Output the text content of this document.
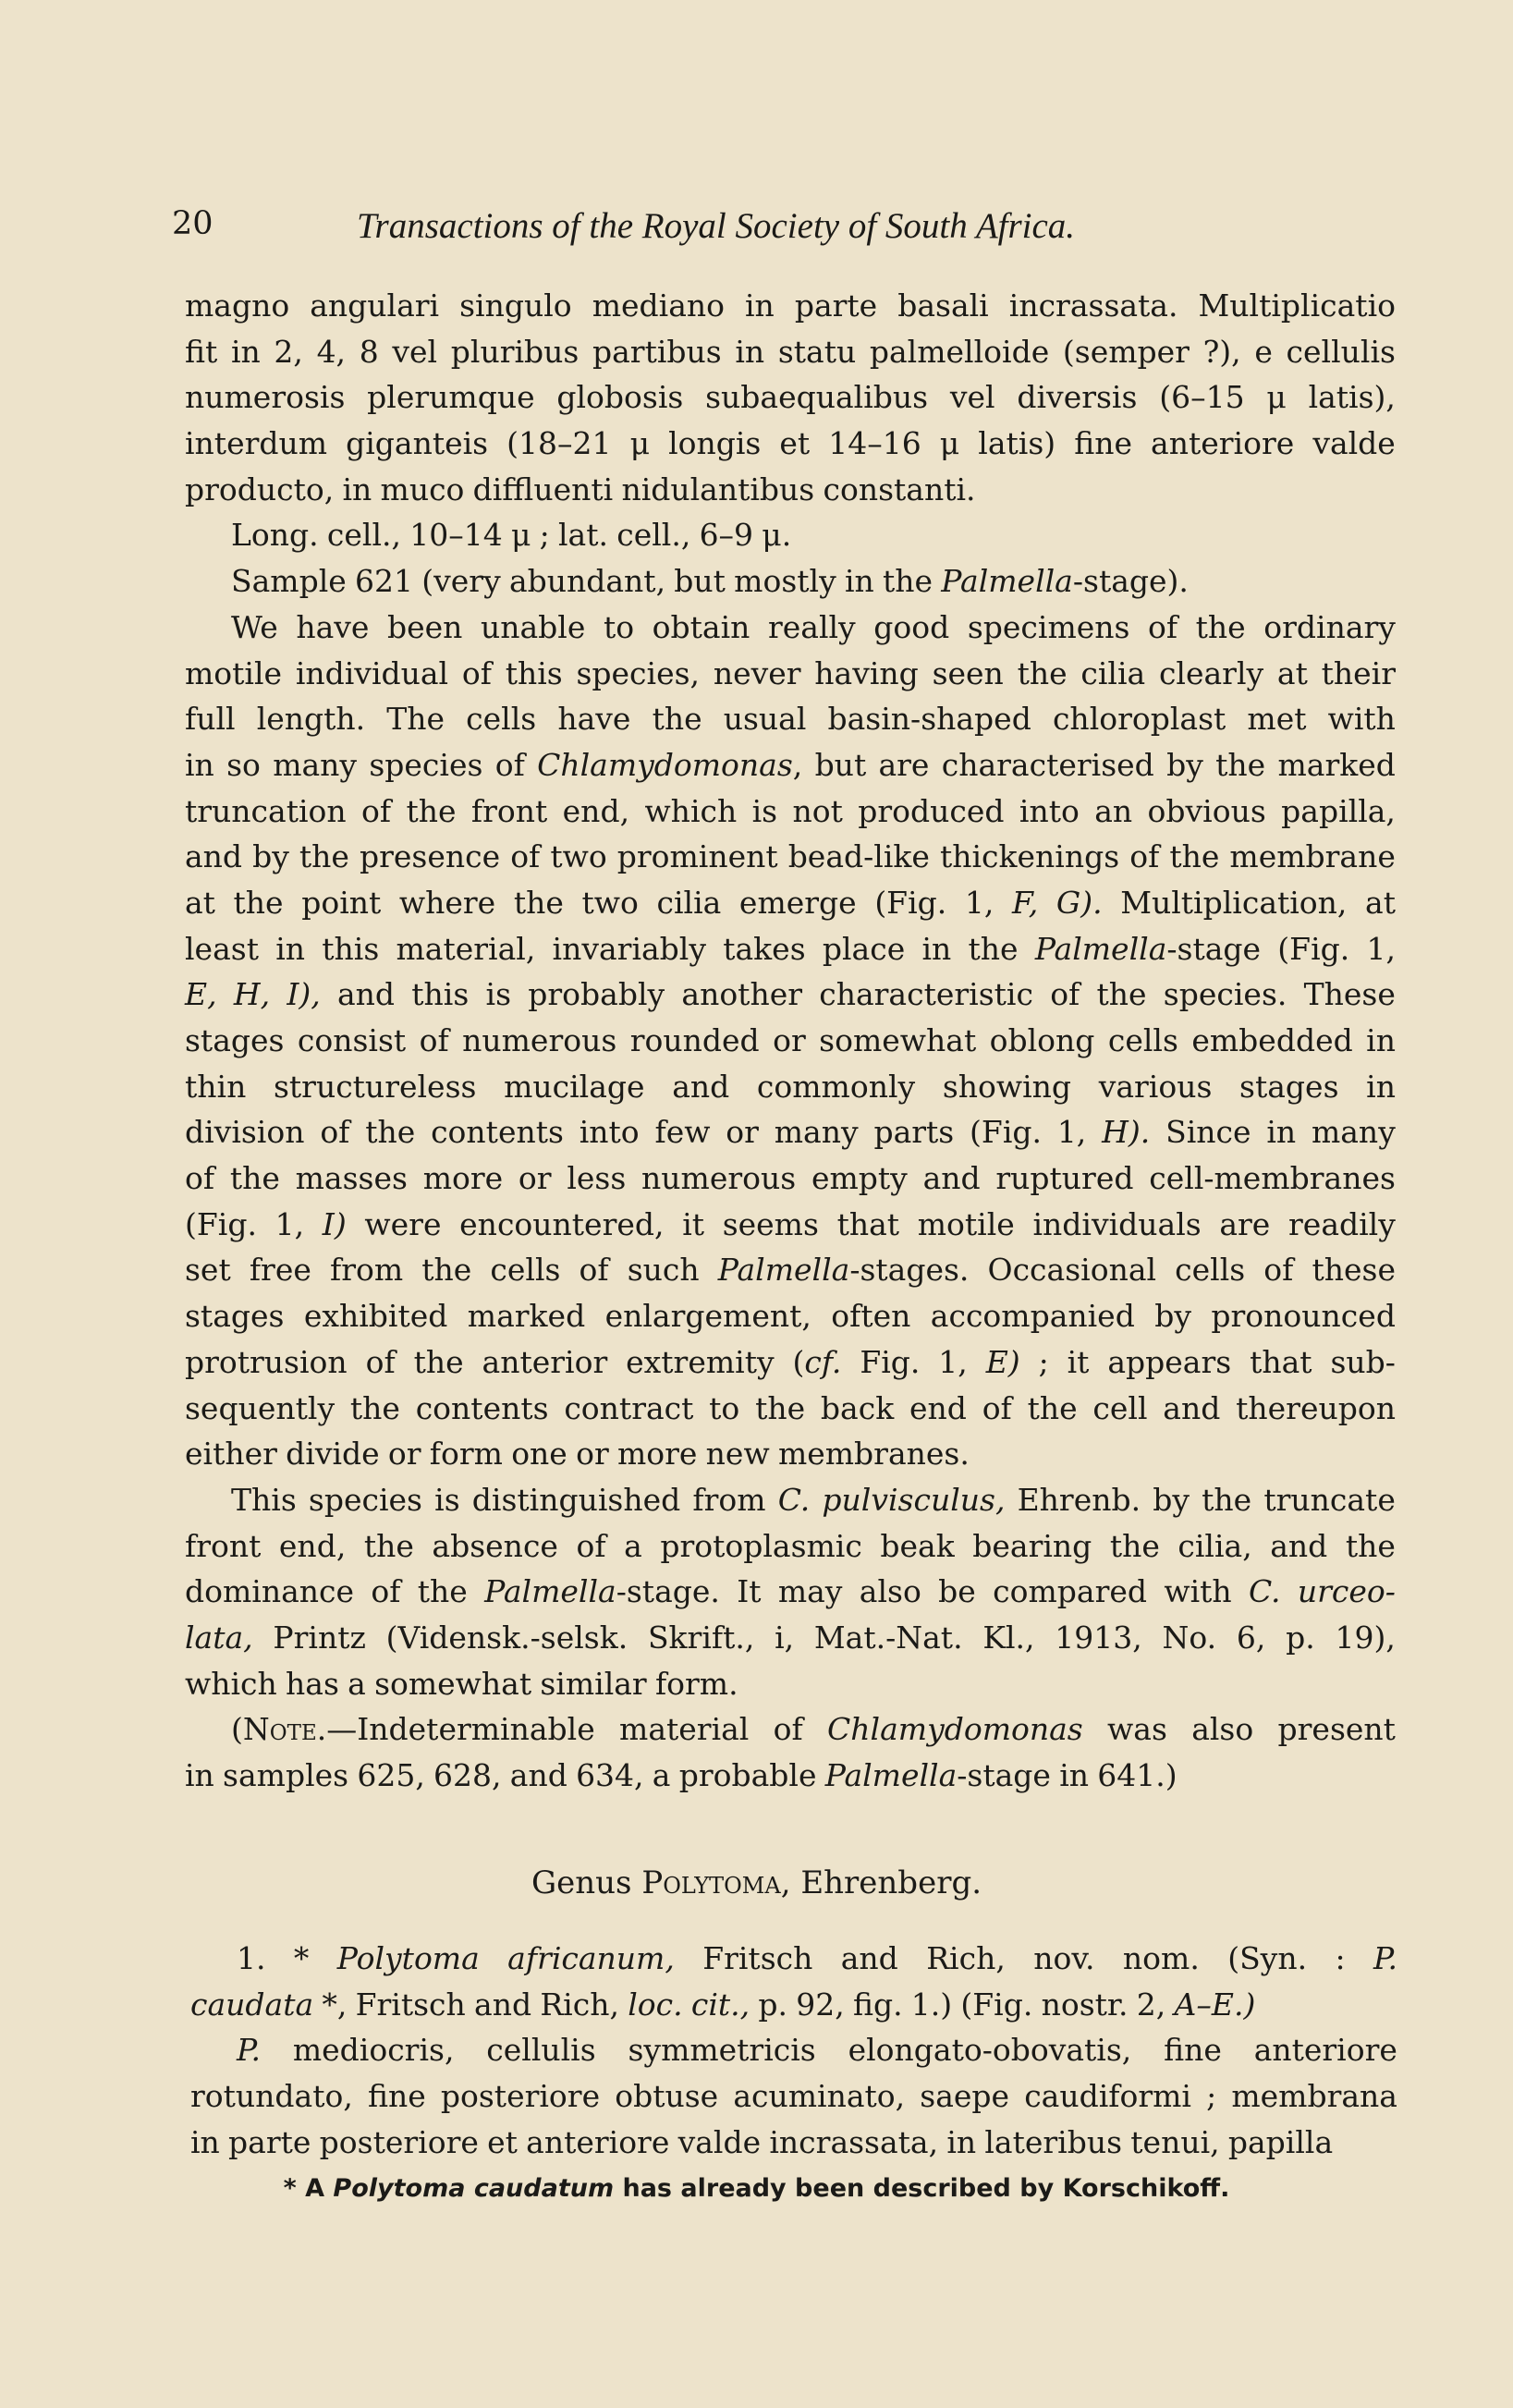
20	Transactions of the Royal Society of South Africa.
magno angulari singulo mediano in parte basali incrassata. Multiplicatio
fit in 2, 4, 8 vel pluribus partibus in statu palmelloide (semper ?), e cellulis
numerosis plerumque globosis subaequalibus vel diversis (6–15 μ latis),
interdum giganteis (18–21 μ longis et 14–16 μ latis) fine anteriore valde
producto, in muco diffluenti nidulantibus constanti.
Long. cell., 10–14 μ ; lat. cell., 6–9 μ.
Sample 621 (very abundant, but mostly in the Palmella-stage).
We have been unable to obtain really good specimens of the ordinary
motile individual of this species, never having seen the cilia clearly at their
full length. The cells have the usual basin-shaped chloroplast met with
in so many species of Chlamydomonas, but are characterised by the marked
truncation of the front end, which is not produced into an obvious papilla,
and by the presence of two prominent bead-like thickenings of the membrane
at the point where the two cilia emerge (Fig. 1, F, G). Multiplication, at
least in this material, invariably takes place in the Palmella-stage (Fig. 1,
E, H, I), and this is probably another characteristic of the species. These
stages consist of numerous rounded or somewhat oblong cells embedded in
thin structureless mucilage and commonly showing various stages in
division of the contents into few or many parts (Fig. 1, H). Since in many
of the masses more or less numerous empty and ruptured cell-membranes
(Fig. 1, I) were encountered, it seems that motile individuals are readily
set free from the cells of such Palmella-stages. Occasional cells of these
stages exhibited marked enlargement, often accompanied by pronounced
protrusion of the anterior extremity (cf. Fig. 1, E) ; it appears that sub-
sequently the contents contract to the back end of the cell and thereupon
either divide or form one or more new membranes.
This species is distinguished from C. pulvisculus, Ehrenb. by the truncate
front end, the absence of a protoplasmic beak bearing the cilia, and the
dominance of the Palmella-stage. It may also be compared with C. urceo-
lata, Printz (Vidensk.-selsk. Skrift., i, Mat.-Nat. Kl., 1913, No. 6, p. 19),
which has a somewhat similar form.
(Note.—Indeterminable material of Chlamydomonas was also present
in samples 625, 628, and 634, a probable Palmella-stage in 641.)
Genus Polytoma, Ehrenberg.
1. * Polytoma africanum, Fritsch and Rich, nov. nom. (Syn. : P.
caudata *, Fritsch and Rich, loc. cit., p. 92, fig. 1.) (Fig. nostr. 2, A–E.)
P. mediocris, cellulis symmetricis elongato-obovatis, fine anteriore
rotundato, fine posteriore obtuse acuminato, saepe caudiformi ; membrana
in parte posteriore et anteriore valde incrassata, in lateribus tenui, papilla
* A Polytoma caudatum has already been described by Korschikoff.
